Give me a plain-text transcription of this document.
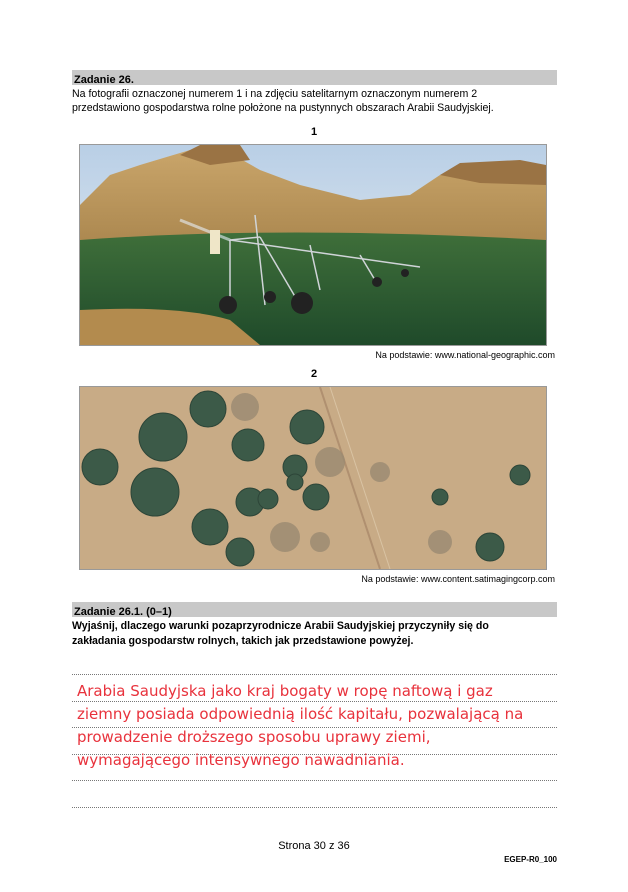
Zadanie 26.
Na fotografii oznaczonej numerem 1 i na zdjęciu satelitarnym oznaczonym numerem 2
przedstawiono gospodarstwa rolne położone na pustynnych obszarach Arabii Saudyjskiej.
1
Na podstawie: www.national-geographic.com
2
Na podstawie: www.content.satimagingcorp.com
Zadanie 26.1. (0–1)
Wyjaśnij, dlaczego warunki pozaprzyrodnicze Arabii Saudyjskiej przyczyniły się do
zakładania gospodarstw rolnych, takich jak przedstawione powyżej.
Arabia Saudyjska jako kraj bogaty w ropę naftową i gaz
ziemny posiada odpowiednią ilość kapitału, pozwalającą na
prowadzenie droższego sposobu uprawy ziemi,
wymagającego intensywnego nawadniania.
Strona 30 z 36
EGEP-R0_100
